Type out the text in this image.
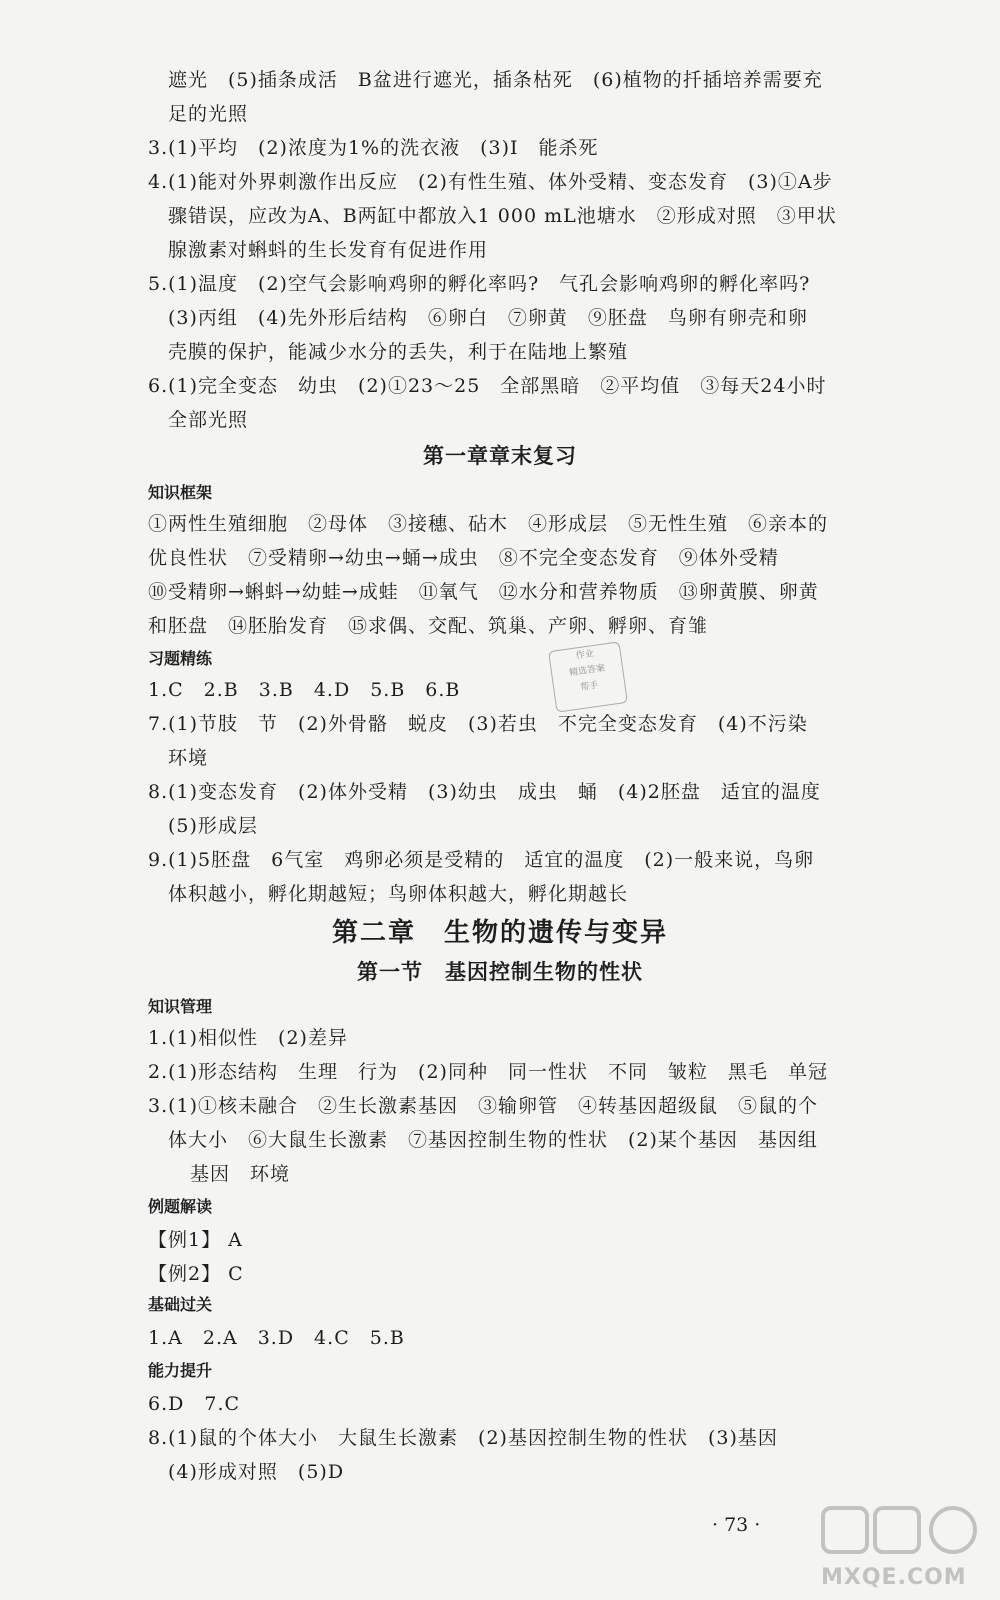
遮光　(5)插条成活　B盆进行遮光，插条枯死　(6)植物的扦插培养需要充
足的光照
3.(1)平均　(2)浓度为1%的洗衣液　(3)Ⅰ　能杀死
4.(1)能对外界刺激作出反应　(2)有性生殖、体外受精、变态发育　(3)①A步
骤错误，应改为A、B两缸中都放入1 000 mL池塘水　②形成对照　③甲状
腺激素对蝌蚪的生长发育有促进作用
5.(1)温度　(2)空气会影响鸡卵的孵化率吗?　气孔会影响鸡卵的孵化率吗?
(3)丙组　(4)先外形后结构　⑥卵白　⑦卵黄　⑨胚盘　鸟卵有卵壳和卵
壳膜的保护，能减少水分的丢失，利于在陆地上繁殖
6.(1)完全变态　幼虫　(2)①23～25　全部黑暗　②平均值　③每天24小时
全部光照
第一章章末复习
知识框架
①两性生殖细胞　②母体　③接穗、砧木　④形成层　⑤无性生殖　⑥亲本的
优良性状　⑦受精卵→幼虫→蛹→成虫　⑧不完全变态发育　⑨体外受精
⑩受精卵→蝌蚪→幼蛙→成蛙　⑪氧气　⑫水分和营养物质　⑬卵黄膜、卵黄
和胚盘　⑭胚胎发育　⑮求偶、交配、筑巢、产卵、孵卵、育雏
习题精练
1.C　2.B　3.B　4.D　5.B　6.B
7.(1)节肢　节　(2)外骨骼　蜕皮　(3)若虫　不完全变态发育　(4)不污染
环境
8.(1)变态发育　(2)体外受精　(3)幼虫　成虫　蛹　(4)2胚盘　适宜的温度
(5)形成层
9.(1)5胚盘　6气室　鸡卵必须是受精的　适宜的温度　(2)一般来说，鸟卵
体积越小，孵化期越短；鸟卵体积越大，孵化期越长
第二章　生物的遗传与变异
第一节　基因控制生物的性状
知识管理
1.(1)相似性　(2)差异
2.(1)形态结构　生理　行为　(2)同种　同一性状　不同　皱粒　黑毛　单冠
3.(1)①核未融合　②生长激素基因　③输卵管　④转基因超级鼠　⑤鼠的个
体大小　⑥大鼠生长激素　⑦基因控制生物的性状　(2)某个基因　基因组
基因　环境
例题解读
【例1】 A
【例2】 C
基础过关
1.A　2.A　3.D　4.C　5.B
能力提升
6.D　7.C
8.(1)鼠的个体大小　大鼠生长激素　(2)基因控制生物的性状　(3)基因
(4)形成对照　(5)D
· 73 ·
作业
精选答案
帮手
MXQE.COM
